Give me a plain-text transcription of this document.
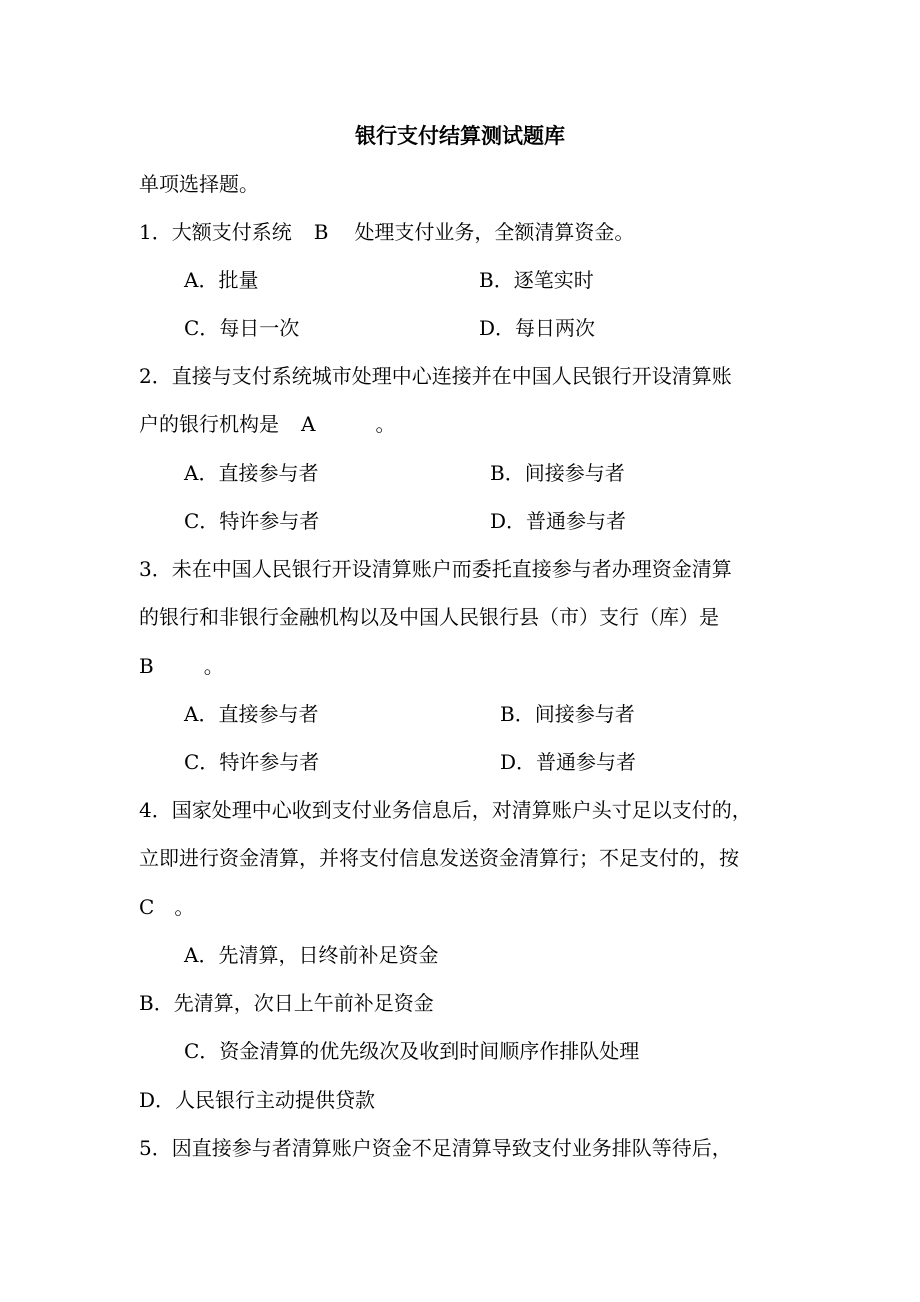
银行支付结算测试题库
单项选择题。
1．大额支付系统 B 处理支付业务，全额清算资金。
A．批量	B．逐笔实时
C．每日一次	D．每日两次
2．直接与支付系统城市处理中心连接并在中国人民银行开设清算账
户的银行机构是 A	。
A．直接参与者	B．间接参与者
C．特许参与者	D．普通参与者
3．未在中国人民银行开设清算账户而委托直接参与者办理资金清算
的银行和非银行金融机构以及中国人民银行县（市）支行（库）是
B	。
A．直接参与者	B．间接参与者
C．特许参与者	D．普通参与者
4．国家处理中心收到支付业务信息后，对清算账户头寸足以支付的，
立即进行资金清算，并将支付信息发送资金清算行；不足支付的，按
C 。
A．先清算，日终前补足资金
B．先清算，次日上午前补足资金
C．资金清算的优先级次及收到时间顺序作排队处理
D．人民银行主动提供贷款
5．因直接参与者清算账户资金不足清算导致支付业务排队等待后，
